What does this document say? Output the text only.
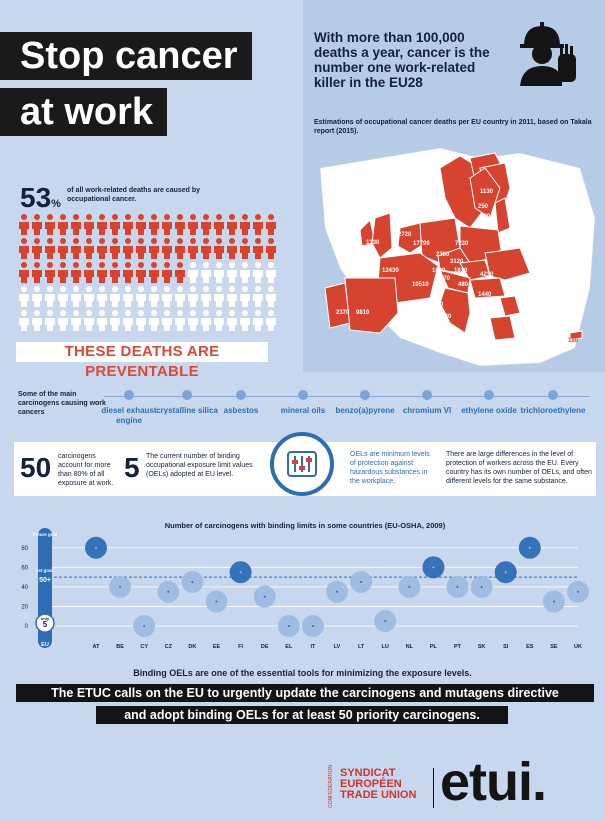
Stop cancer
at work
With more than 100,000 deaths a year, cancer is the number one work-related killer in the EU28
Estimations of occupational cancer deaths per EU country in 2011, based on Takala report (2015).
1130
2100	250
490
690
1240
2720
530
1330	17790	7230
2360
3120
12430	1820 1810
4230
670
480
1440
10510
2270
2130
2370 9810
180
53%
of all work-related deaths are caused by occupational cancer.
THESE DEATHS ARE PREVENTABLE
Some of the main carcinogens causing work cancers	diesel exhaust engine
crystalline silica asbestos	mineral oils	benzo(a)pyrene	chromium VI	ethylene oxide trichloroethylene
50 carcinogens account for more than 80% of all exposure at work.
5 The current number of binding occupational exposure limit values (OELs) adopted at EU level.
OELs are minimum levels of protection against hazardous substances in the workplace.
There are large differences in the level of protection of workers across the EU. Every country has its own number of OELs, and often different levels for the same substance.
Number of carcinogens with binding limits in some countries (EU-OSHA, 2009)
0
20
40
60
80
Future goal
1st goal:
50+
only
5
EU	AT	BE	CY	CZ	DK	EE	FI	DE	EL	IT	LV	LT	LU	NL	PL	PT	SK	SI	ES	SE	UK
Binding OELs are one of the essential tools for minimizing the exposure levels.
The ETUC calls on the EU to urgently update the carcinogens and mutagens directive
and adopt binding OELs for at least 50 priority carcinogens.
CONFÉDÉRATION SYNDICAT EUROPÉEN TRADE UNION etui.
